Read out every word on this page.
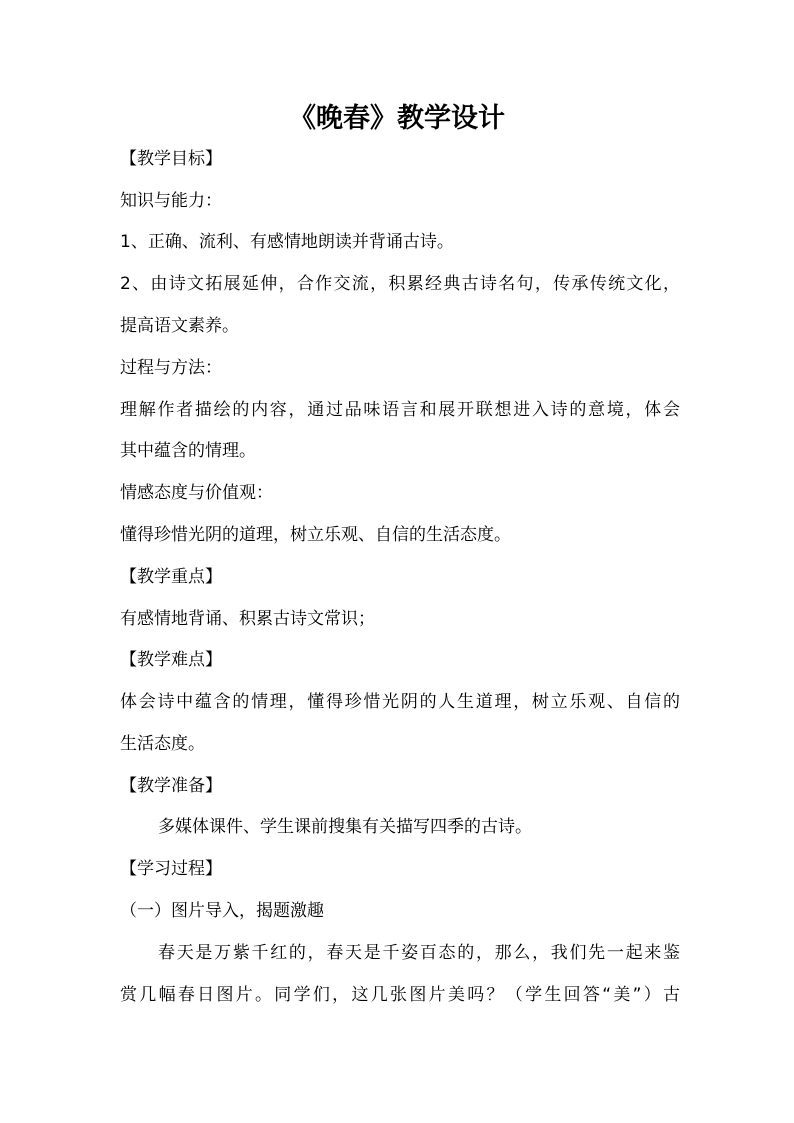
《晚春》教学设计
【教学目标】
知识与能力：
1、正确、流利、有感情地朗读并背诵古诗。
2、由诗文拓展延伸，合作交流，积累经典古诗名句，传承传统文化，
提高语文素养。
过程与方法：
理解作者描绘的内容，通过品味语言和展开联想进入诗的意境，体会
其中蕴含的情理。
情感态度与价值观：
懂得珍惜光阴的道理，树立乐观、自信的生活态度。
【教学重点】
有感情地背诵、积累古诗文常识；
【教学难点】
体会诗中蕴含的情理，懂得珍惜光阴的人生道理，树立乐观、自信的
生活态度。
【教学准备】
多媒体课件、学生课前搜集有关描写四季的古诗。
【学习过程】
（一）图片导入，揭题激趣
春天是万紫千红的，春天是千姿百态的，那么，我们先一起来鉴
赏几幅春日图片。同学们，这几张图片美吗？（学生回答“美”）古
